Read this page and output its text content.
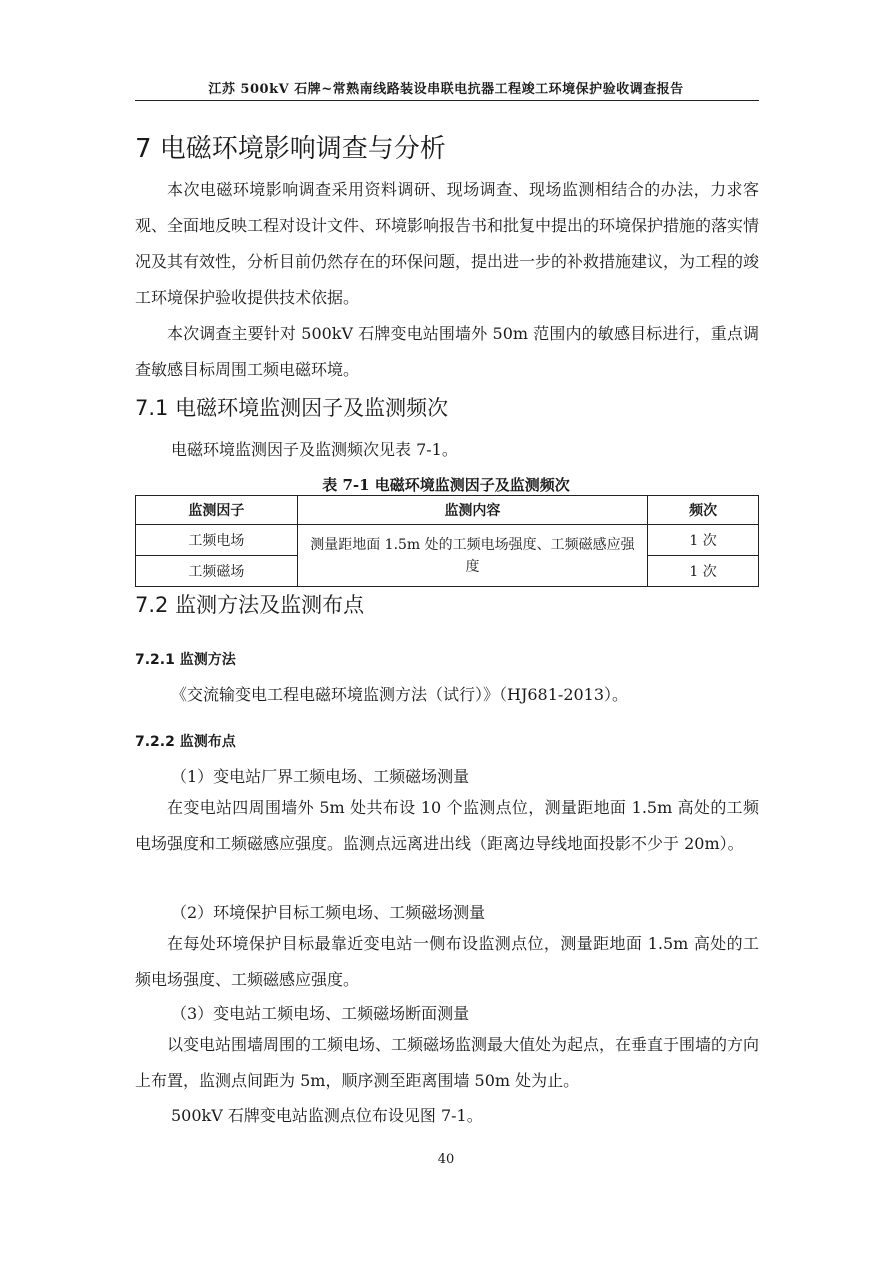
江苏 500kV 石牌~常熟南线路装设串联电抗器工程竣工环境保护验收调查报告
7 电磁环境影响调查与分析

本次电磁环境影响调查采用资料调研、现场调查、现场监测相结合的办法，力求客观、全面地反映工程对设计文件、环境影响报告书和批复中提出的环境保护措施的落实情况及其有效性，分析目前仍然存在的环保问题，提出进一步的补救措施建议，为工程的竣工环境保护验收提供技术依据。

本次调查主要针对 500kV 石牌变电站围墙外 50m 范围内的敏感目标进行，重点调查敏感目标周围工频电磁环境。

7.1 电磁环境监测因子及监测频次
电磁环境监测因子及监测频次见表 7-1。
表 7-1 电磁环境监测因子及监测频次
监测因子	监测内容	频次
工频电场	测量距地面 1.5m 处的工频电场强度、工频磁感应强度	1 次
工频磁场		1 次
7.2 监测方法及监测布点
7.2.1 监测方法
《交流输变电工程电磁环境监测方法（试行）》（HJ681-2013）。
7.2.2 监测布点
（1）变电站厂界工频电场、工频磁场测量

在变电站四周围墙外 5m 处共布设 10 个监测点位，测量距地面 1.5m 高处的工频电场强度和工频磁感应强度。监测点远离进出线（距离边导线地面投影不少于 20m）。

（2）环境保护目标工频电场、工频磁场测量

在每处环境保护目标最靠近变电站一侧布设监测点位，测量距地面 1.5m 高处的工频电场强度、工频磁感应强度。

（3）变电站工频电场、工频磁场断面测量

以变电站围墙周围的工频电场、工频磁场监测最大值处为起点，在垂直于围墙的方向上布置，监测点间距为 5m，顺序测至距离围墙 50m 处为止。

500kV 石牌变电站监测点位布设见图 7-1。
40
